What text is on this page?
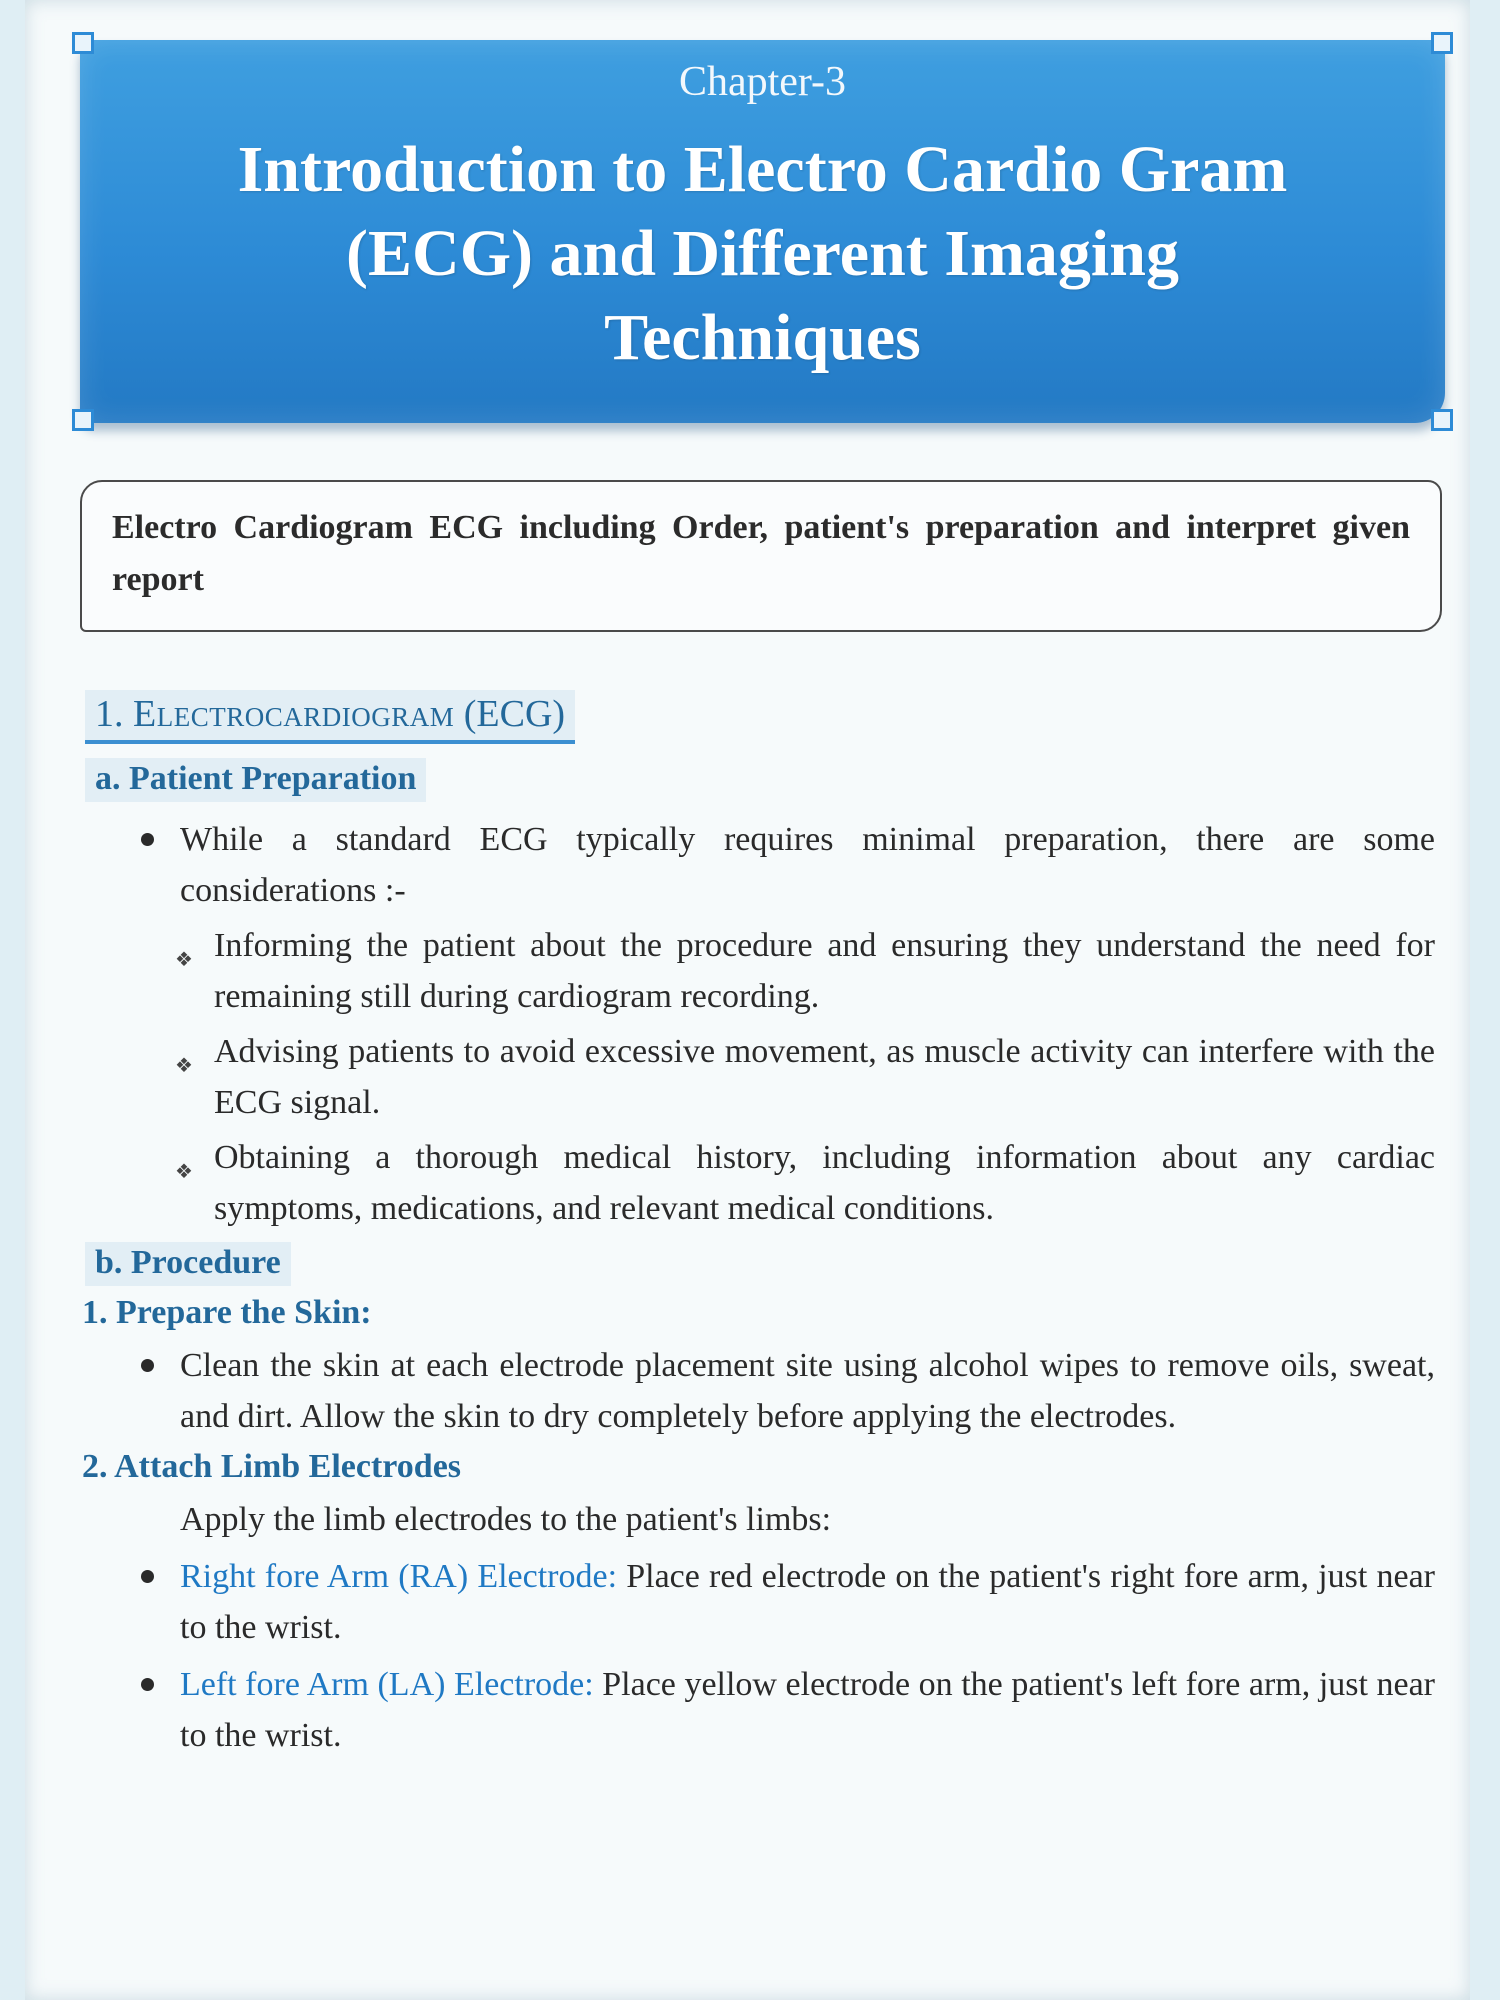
Chapter-3
Introduction to Electro Cardio Gram
(ECG) and Different Imaging
Techniques
Electro Cardiogram ECG including Order, patient's preparation and interpret given report
1. Electrocardiogram (ECG)
a. Patient Preparation
While a standard ECG typically requires minimal preparation, there are some considerations :-
❖ Informing the patient about the procedure and ensuring they understand the need for remaining still during cardiogram recording.
❖ Advising patients to avoid excessive movement, as muscle activity can interfere with the ECG signal.
❖ Obtaining a thorough medical history, including information about any cardiac symptoms, medications, and relevant medical conditions.
b. Procedure
1. Prepare the Skin:
Clean the skin at each electrode placement site using alcohol wipes to remove oils, sweat, and dirt. Allow the skin to dry completely before applying the electrodes.
2. Attach Limb Electrodes
Apply the limb electrodes to the patient's limbs:
Right fore Arm (RA) Electrode: Place red electrode on the patient's right fore arm, just near to the wrist.
Left fore Arm (LA) Electrode: Place yellow electrode on the patient's left fore arm, just near to the wrist.
